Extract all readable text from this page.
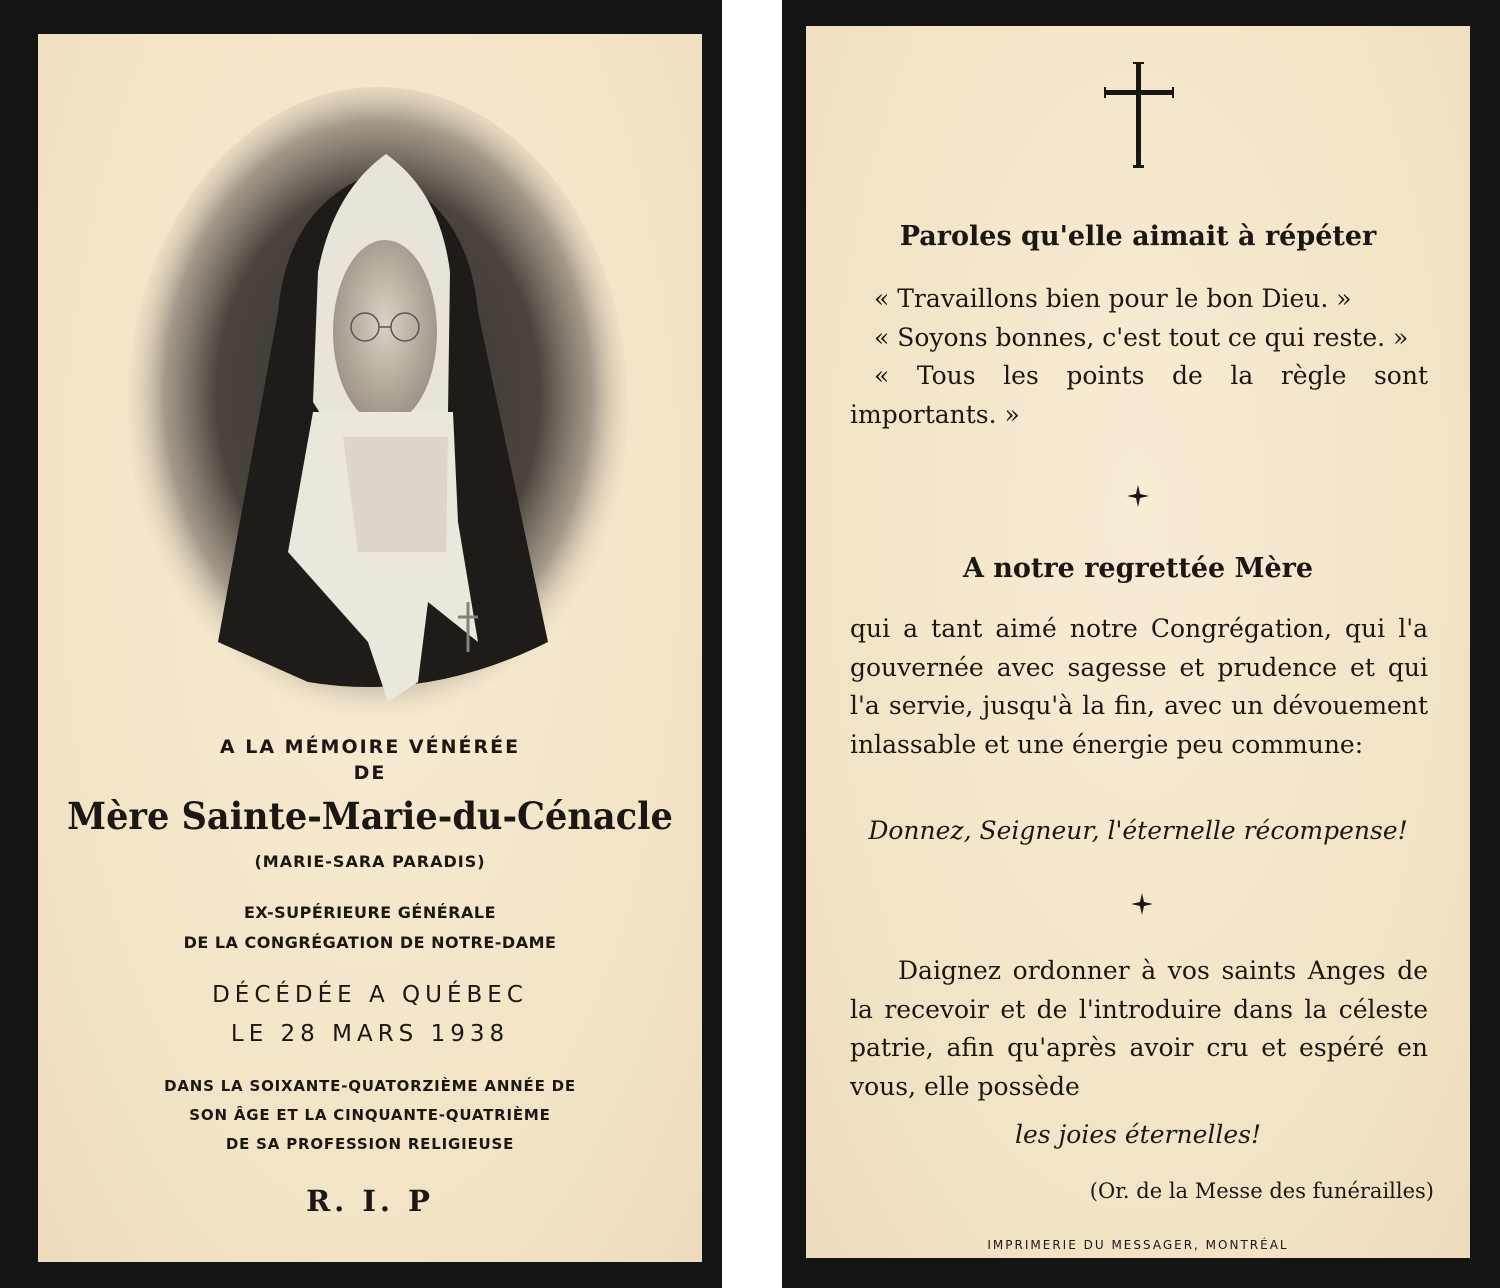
A LA MÉMOIRE VÉNÉRÉE
DE

Mère Sainte-Marie-du-Cénacle

(MARIE-SARA PARADIS)

EX-SUPÉRIEURE GÉNÉRALE
DE LA CONGRÉGATION DE NOTRE-DAME

DÉCÉDÉE A QUÉBEC
LE 28 MARS 1938

DANS LA SOIXANTE-QUATORZIÈME ANNÉE DE
SON ÂGE ET LA CINQUANTE-QUATRIÈME
DE SA PROFESSION RELIGIEUSE

R. I. P

Paroles qu'elle aimait à répéter

« Travaillons bien pour le bon Dieu. »

« Soyons bonnes, c'est tout ce qui reste. »

« Tous les points de la règle sont importants. »

A notre regrettée Mère

qui a tant aimé notre Congrégation, qui l'a gouvernée avec sagesse et prudence et qui l'a servie, jusqu'à la fin, avec un dévouement inlassable et une énergie peu commune:

Donnez, Seigneur, l'éternelle récompense!

Daignez ordonner à vos saints Anges de la recevoir et de l'introduire dans la céleste patrie, afin qu'après avoir cru et espéré en vous, elle possède

les joies éternelles!

(Or. de la Messe des funérailles)

IMPRIMERIE DU MESSAGER, MONTRÉAL
